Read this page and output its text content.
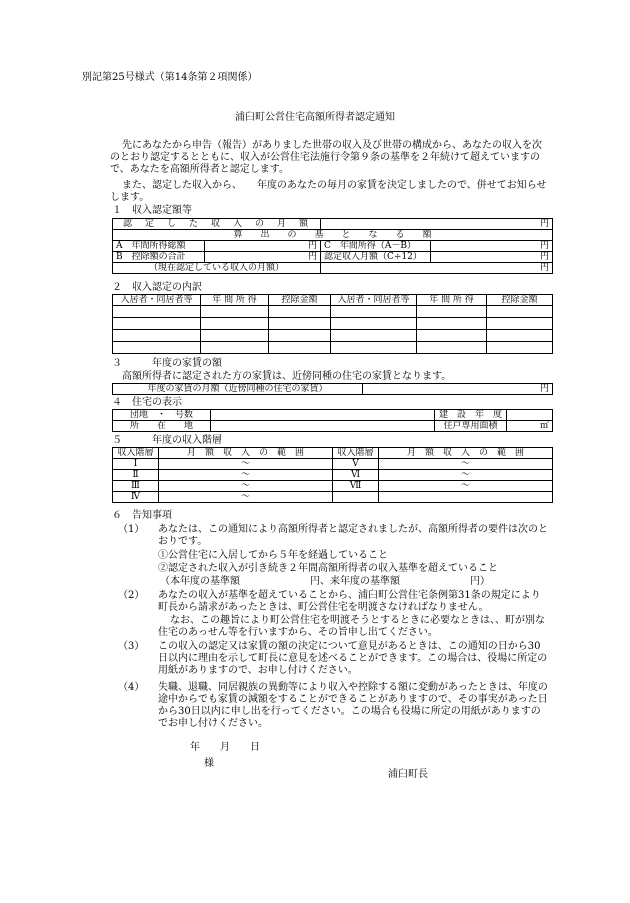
別記第25号様式（第14条第２項関係）
浦臼町公営住宅高額所得者認定通知
先にあなたから申告（報告）がありました世帯の収入及び世帯の構成から、あなたの収入を次のとおり認定するとともに、収入が公営住宅法施行令第９条の基準を２年続けて超えていますので、あなたを高額所得者と認定します。
また、認定した収入から、　　年度のあなたの毎月の家賃を決定しましたので、併せてお知らせします。
１　収入認定額等
認　定　し　た　収　入　の　月　額		円	
算　　出　　の　　基　　と　　な　　る　　額			
A　年間所得総額	円	C　年間所得（A－B）	円
B　控除額の合計	円	認定収入月額（C÷12）	円
（現在認定している収入の月額）		円	
２　収入認定の内訳
入居者・同居者等	年 間 所 得	控除金額	入居者・同居者等	年 間 所 得	控除金額

３　　　年度の家賃の額
高額所得者に認定された方の家賃は、近傍同種の住宅の家賃となります。
年度の家賃の月額（近傍同種の住宅の家賃）	円
４　住宅の表示
団地　・　号数		建　設　年　度	
所　　在　　地		住戸専用面積	㎡
５　　　年度の収入階層
収入階層	月　額　収　入　の　範　囲	収入階層	月　額　収　入　の　範　囲
Ⅰ	～	Ⅴ	～
Ⅱ	～	Ⅵ	～
Ⅲ	～	Ⅶ	～
Ⅳ	～		
６　告知事項
（1） あなたは、この通知により高額所得者と認定されましたが、高額所得者の要件は次のとおりです。
①公営住宅に入居してから５年を経過していること
②認定された収入が引き続き２年間高額所得者の収入基準を超えていること
（本年度の基準額　　　　　　　円、来年度の基準額　　　　　　　円）
（2） あなたの収入が基準を超えていることから、浦臼町公営住宅条例第31条の規定により町長から請求があったときは、町公営住宅を明渡さなければなりません。
なお、この趣旨により町公営住宅を明渡そうとするときに必要なときは、、町が別な住宅のあっせん等を行いますから、その旨申し出てください。
（3） この収入の認定又は家賃の額の決定について意見があるときは、この通知の日から30日以内に理由を示して町長に意見を述べることができます。この場合は、役場に所定の用紙がありますので、お申し付けください。
（4） 失職、退職、同居親族の異動等により収入や控除する額に変動があったときは、年度の途中からでも家賃の減額をすることができることがありますので、その事実があった日から30日以内に申し出を行ってください。この場合も役場に所定の用紙がありますのでお申し付けください。
年　　月　　日
様
浦臼町長
